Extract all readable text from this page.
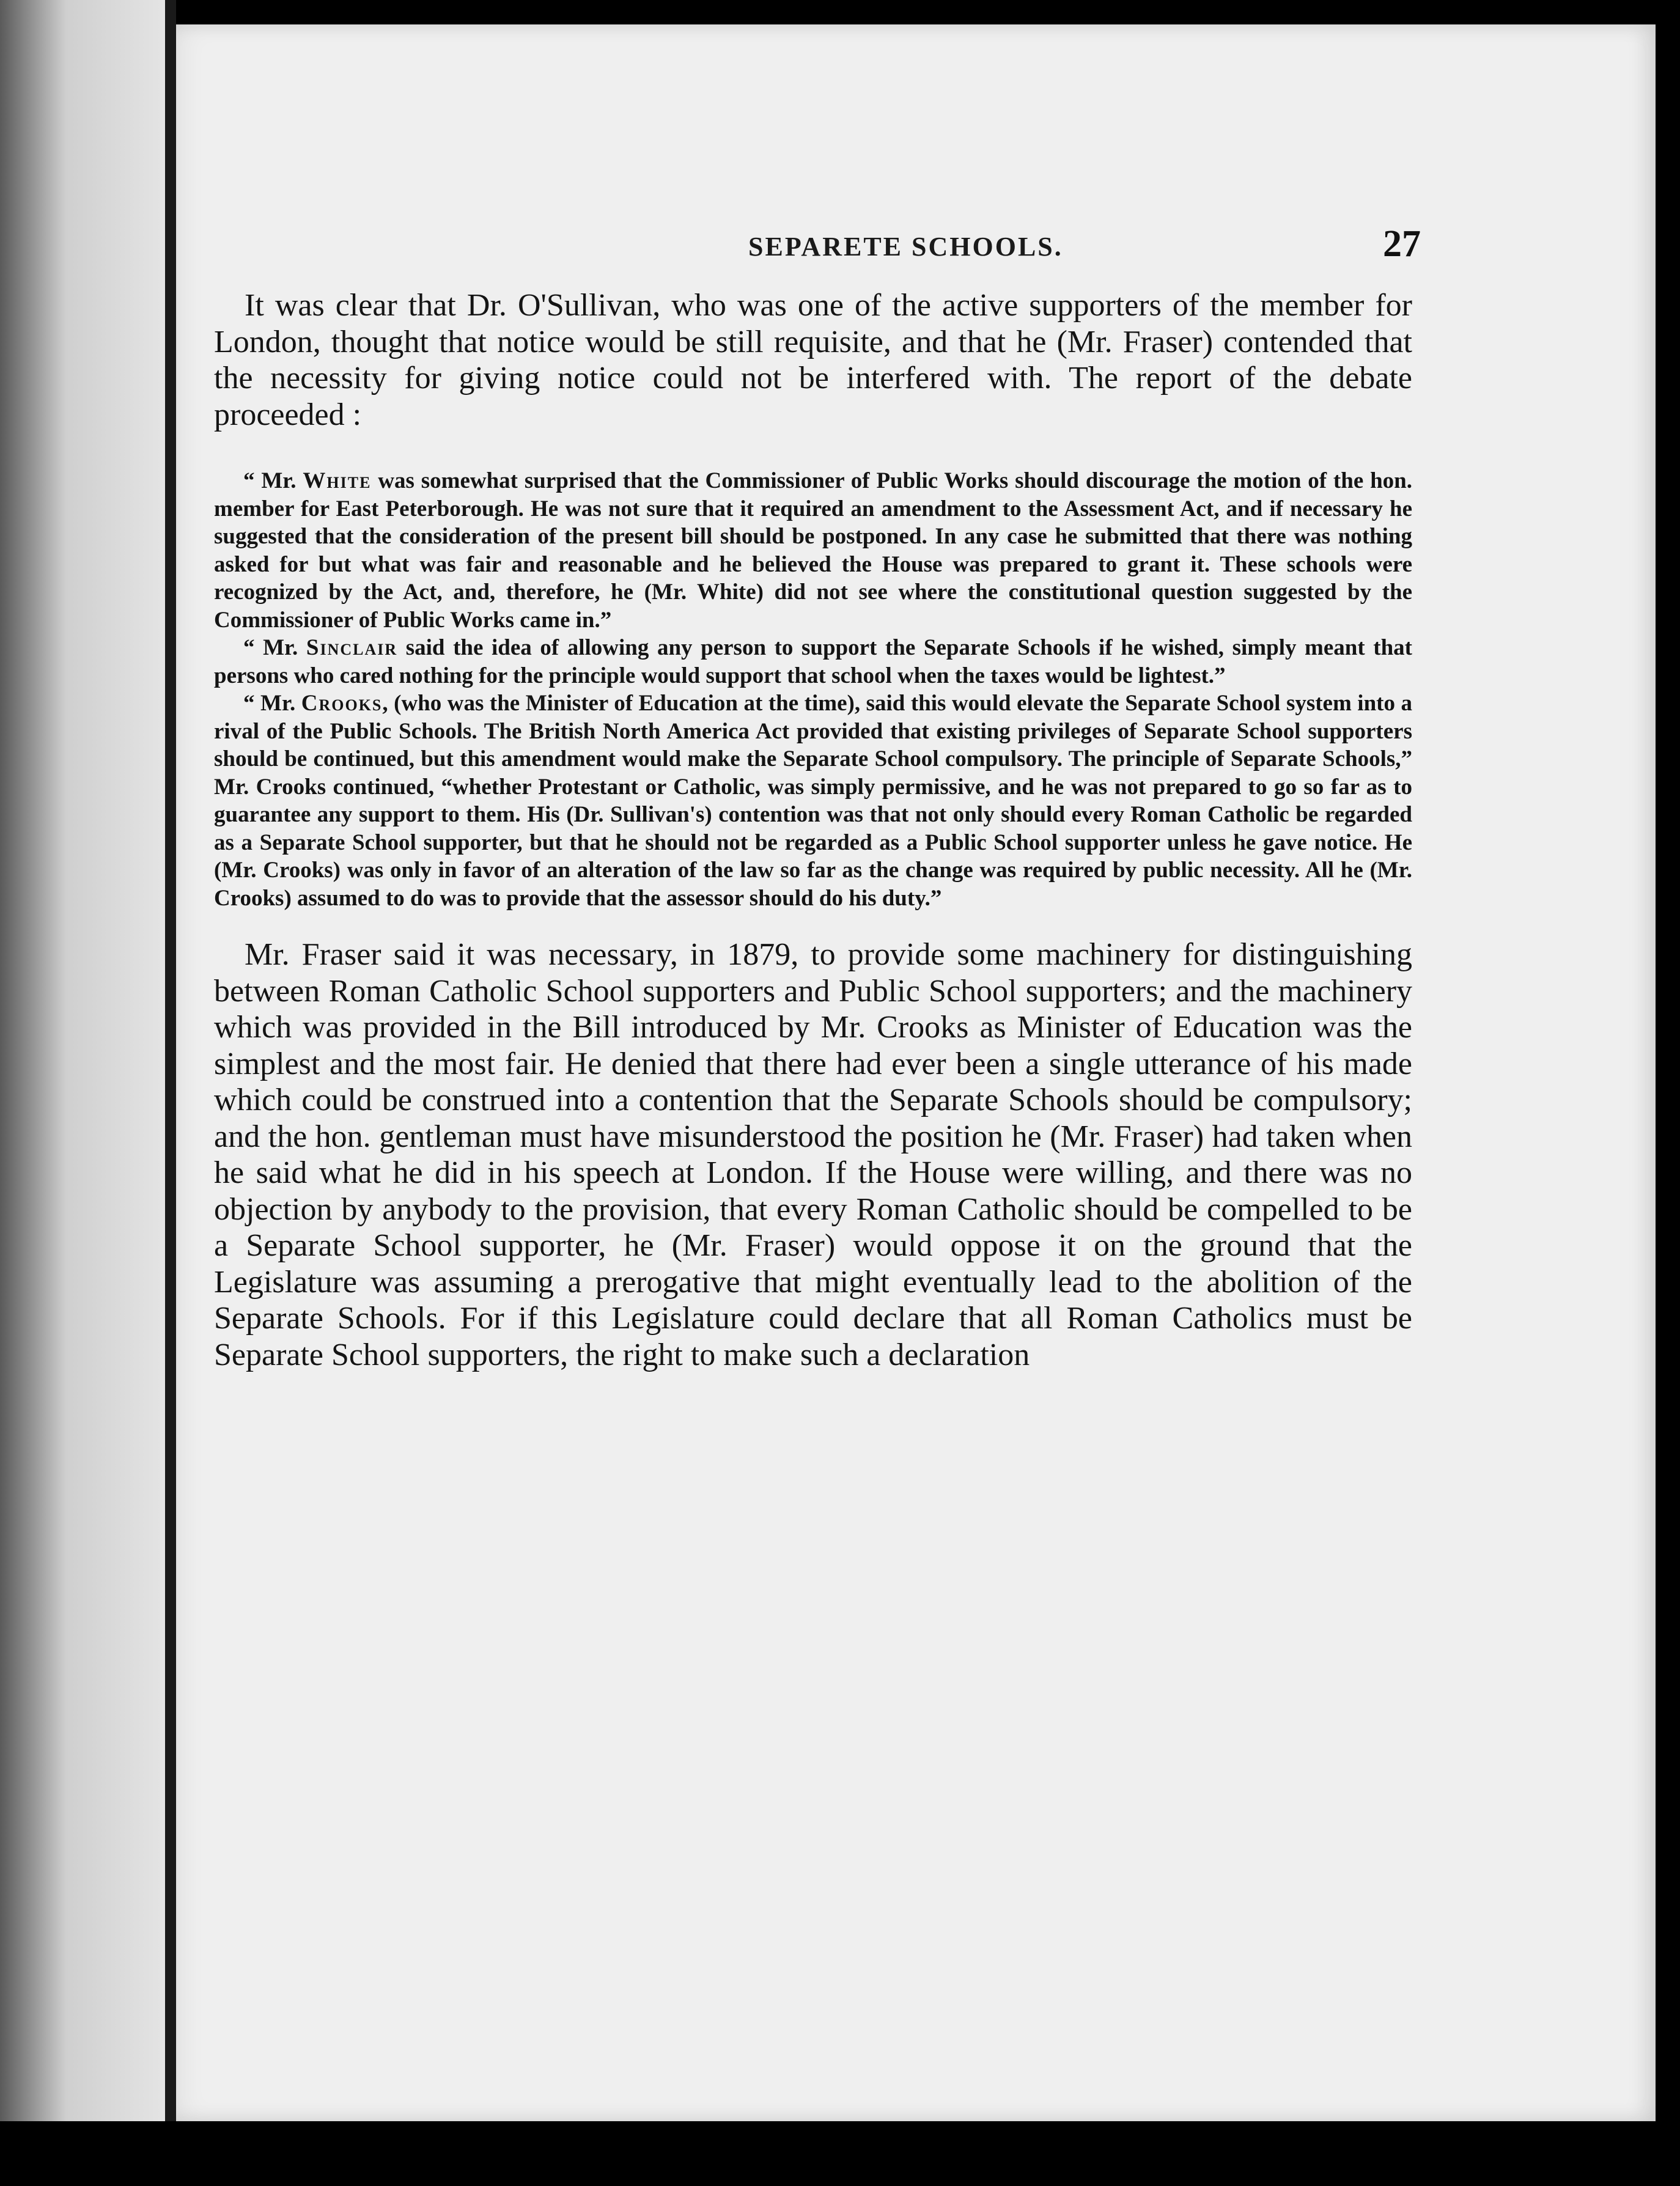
SEPARETE SCHOOLS.	27

It was clear that Dr. O'Sullivan, who was one of the active supporters of the member for London, thought that notice would be still requisite, and that he (Mr. Fraser) contended that the necessity for giving notice could not be interfered with. The report of the debate proceeded :

“ Mr. White was somewhat surprised that the Commissioner of Public Works should discourage the motion of the hon. member for East Peterborough. He was not sure that it required an amendment to the Assessment Act, and if necessary he suggested that the consideration of the present bill should be postponed. In any case he submitted that there was nothing asked for but what was fair and reasonable and he believed the House was prepared to grant it. These schools were recognized by the Act, and, therefore, he (Mr. White) did not see where the constitutional question suggested by the Commissioner of Public Works came in.”

“ Mr. Sinclair said the idea of allowing any person to support the Separate Schools if he wished, simply meant that persons who cared nothing for the principle would support that school when the taxes would be lightest.”

“ Mr. Crooks, (who was the Minister of Education at the time), said this would elevate the Separate School system into a rival of the Public Schools. The British North America Act provided that existing privileges of Separate School supporters should be continued, but this amendment would make the Separate School compulsory. The principle of Separate Schools,” Mr. Crooks continued, “whether Protestant or Catholic, was simply permissive, and he was not prepared to go so far as to guarantee any support to them. His (Dr. Sullivan's) contention was that not only should every Roman Catholic be regarded as a Separate School supporter, but that he should not be regarded as a Public School supporter unless he gave notice. He (Mr. Crooks) was only in favor of an alteration of the law so far as the change was required by public necessity. All he (Mr. Crooks) assumed to do was to provide that the assessor should do his duty.”

Mr. Fraser said it was necessary, in 1879, to provide some machinery for distinguishing between Roman Catholic School supporters and Public School supporters; and the machinery which was provided in the Bill introduced by Mr. Crooks as Minister of Education was the simplest and the most fair. He denied that there had ever been a single utterance of his made which could be construed into a contention that the Separate Schools should be compulsory; and the hon. gentleman must have misunderstood the position he (Mr. Fraser) had taken when he said what he did in his speech at London. If the House were willing, and there was no objection by anybody to the provision, that every Roman Catholic should be compelled to be a Separate School supporter, he (Mr. Fraser) would oppose it on the ground that the Legislature was assuming a prerogative that might eventually lead to the abolition of the Separate Schools. For if this Legislature could declare that all Roman Catholics must be Separate School supporters, the right to make such a declaration
